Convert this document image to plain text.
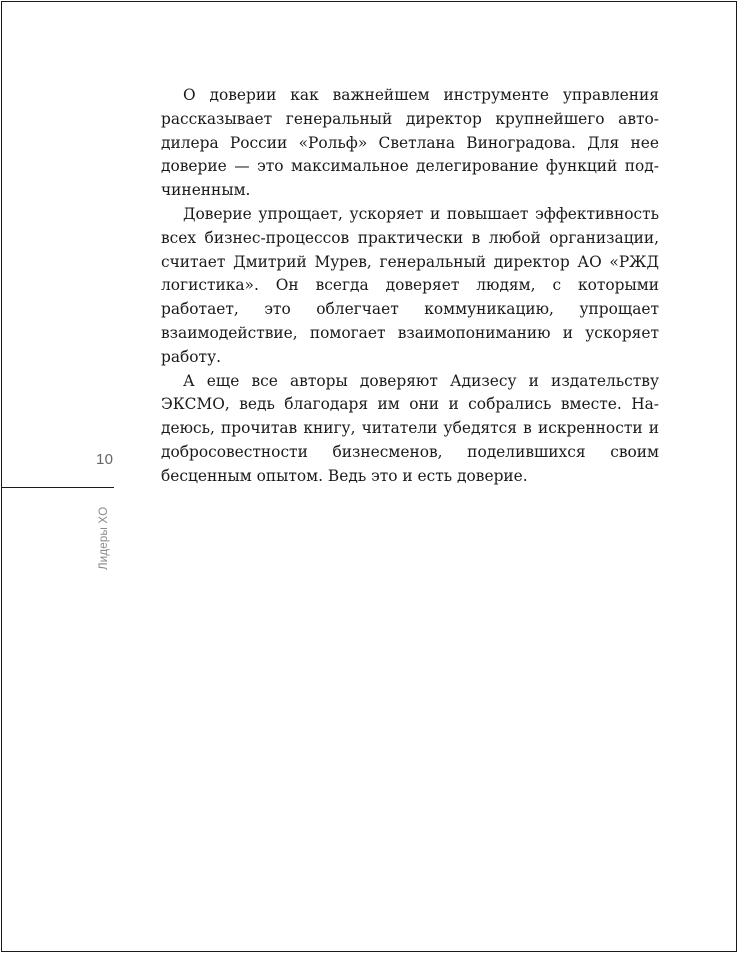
О доверии как важнейшем инструменте управления рассказывает генеральный директор крупнейшего автодилера России «Рольф» Светлана Виноградова. Для нее доверие — это максимальное делегирование функций подчиненным.

Доверие упрощает, ускоряет и повышает эффективность всех бизнес-процессов практически в любой организации, считает Дмитрий Мурев, генеральный директор АО «РЖД логистика». Он всегда доверяет людям, с которыми работает, это облегчает коммуникацию, упрощает взаимодействие, помогает взаимопониманию и ускоряет работу.

А еще все авторы доверяют Адизесу и издательству ЭКСМО, ведь благодаря им они и собрались вместе. Надеюсь, прочитав книгу, читатели убедятся в искренности и добросовестности бизнесменов, поделившихся своим бесценным опытом. Ведь это и есть доверие.

10
Лидеры XO
